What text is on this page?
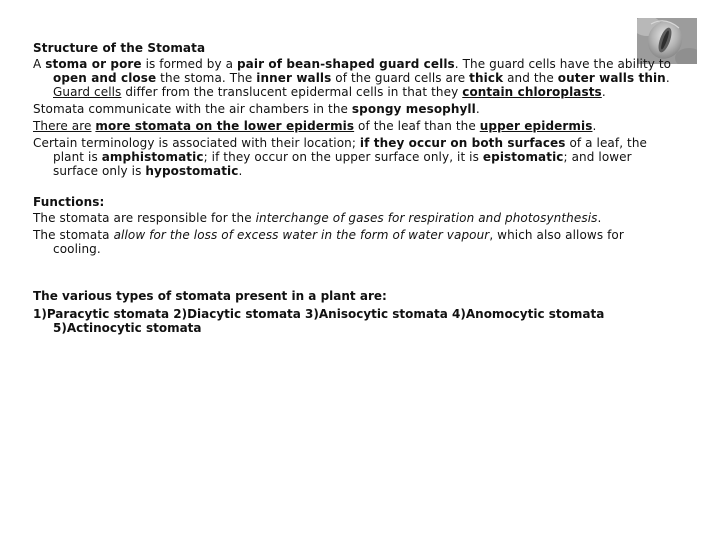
Structure of the Stomata
A stoma or pore is formed by a pair of bean-shaped guard cells. The guard cells have the ability to open and close the stoma. The inner walls of the guard cells are thick and the outer walls thin. Guard cells differ from the translucent epidermal cells in that they contain chloroplasts.
Stomata communicate with the air chambers in the spongy mesophyll.
There are more stomata on the lower epidermis of the leaf than the upper epidermis.
Certain terminology is associated with their location; if they occur on both surfaces of a leaf, the plant is amphistomatic; if they occur on the upper surface only, it is epistomatic; and lower surface only is hypostomatic.
Functions:
The stomata are responsible for the interchange of gases for respiration and photosynthesis.
The stomata allow for the loss of excess water in the form of water vapour, which also allows for cooling.
The various types of stomata present in a plant are:
1)Paracytic stomata 2)Diacytic stomata 3)Anisocytic stomata 4)Anomocytic stomata 5)Actinocytic stomata
